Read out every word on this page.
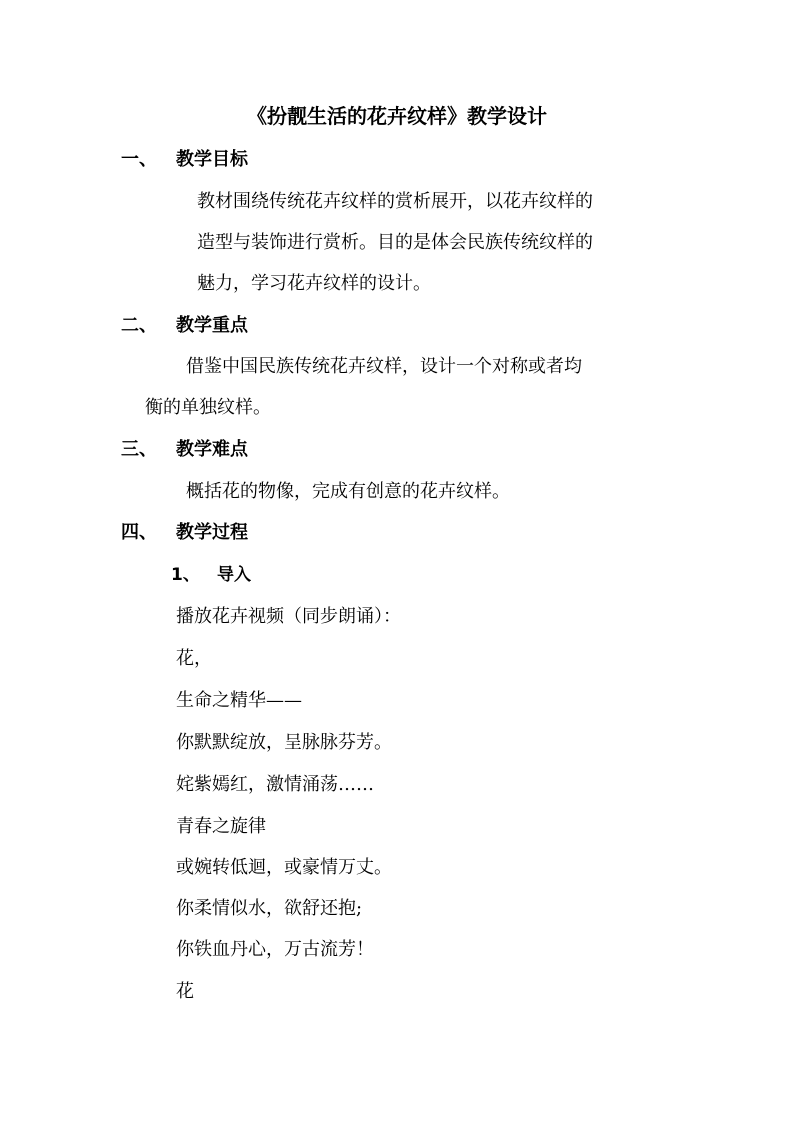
《扮靓生活的花卉纹样》教学设计
一、 教学目标
教材围绕传统花卉纹样的赏析展开，以花卉纹样的
造型与装饰进行赏析。目的是体会民族传统纹样的
魅力，学习花卉纹样的设计。
二、 教学重点
借鉴中国民族传统花卉纹样，设计一个对称或者均
衡的单独纹样。
三、 教学难点
概括花的物像，完成有创意的花卉纹样。
四、 教学过程
1、 导入
播放花卉视频（同步朗诵）：
花，
生命之精华——
你默默绽放，呈脉脉芬芳。
姹紫嫣红，激情涌荡……
青春之旋律
或婉转低迴，或豪情万丈。
你柔情似水，欲舒还抱;
你铁血丹心，万古流芳！
花
